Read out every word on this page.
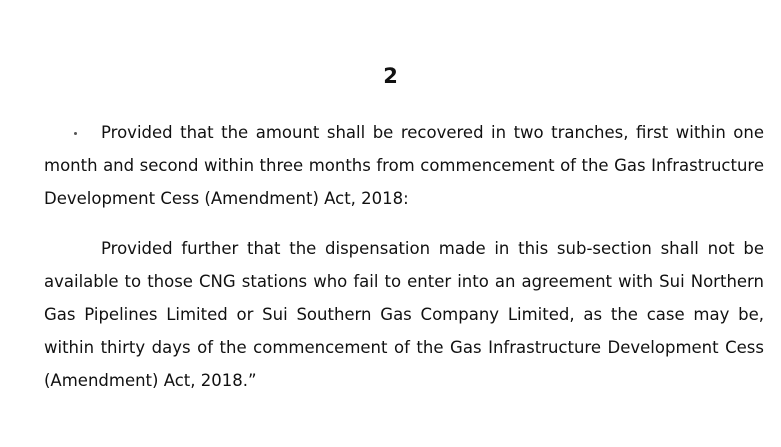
2

Provided that the amount shall be recovered in two tranches, first within one month and second within three months from commencement of the Gas Infrastructure Development Cess (Amendment) Act, 2018:

Provided further that the dispensation made in this sub-section shall not be available to those CNG stations who fail to enter into an agreement with Sui Northern Gas Pipelines Limited or Sui Southern Gas Company Limited, as the case may be, within thirty days of the commencement of the Gas Infrastructure Development Cess (Amendment) Act, 2018.”
